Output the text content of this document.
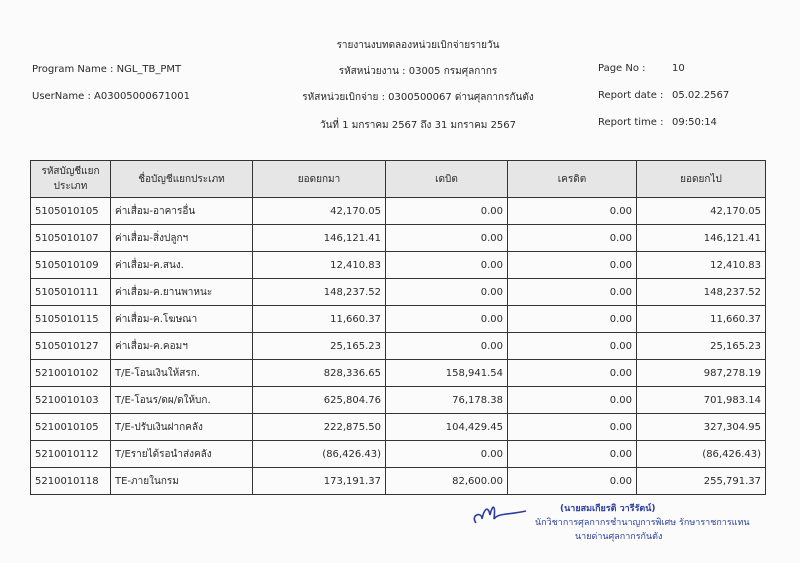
รายงานงบทดลองหน่วยเบิกจ่ายรายวัน
Program Name : NGL_TB_PMT
UserName : A03005000671001
รหัสหน่วยงาน : 03005 กรมศุลกากร
รหัสหน่วยเบิกจ่าย : 0300500067 ด่านศุลกากรกันตัง
วันที่ 1 มกราคม 2567 ถึง 31 มกราคม 2567
Page No :	10
Report date : 05.02.2567
Report time : 09:50:14
รหัสบัญชีแยกประเภท	ชื่อบัญชีแยกประเภท	ยอดยกมา	เดบิต	เครดิต	ยอดยกไป
5105010105	ค่าเสื่อม-อาคารอื่น	42,170.05	0.00	0.00	42,170.05
5105010107	ค่าเสื่อม-สิ่งปลูกฯ	146,121.41	0.00	0.00	146,121.41
5105010109	ค่าเสื่อม-ค.สนง.	12,410.83	0.00	0.00	12,410.83
5105010111	ค่าเสื่อม-ค.ยานพาหนะ	148,237.52	0.00	0.00	148,237.52
5105010115	ค่าเสื่อม-ค.โฆษณา	11,660.37	0.00	0.00	11,660.37
5105010127	ค่าเสื่อม-ค.คอมฯ	25,165.23	0.00	0.00	25,165.23
5210010102	T/E-โอนเงินให้สรก.	828,336.65	158,941.54	0.00	987,278.19
5210010103	T/E-โอนร/ดผ/ดให้บก.	625,804.76	76,178.38	0.00	701,983.14
5210010105	T/E-ปรับเงินฝากคลัง	222,875.50	104,429.45	0.00	327,304.95
5210010112	T/Eรายได้รอนำส่งคลัง	(86,426.43)	0.00	0.00	(86,426.43)
5210010118	TE-ภายในกรม	173,191.37	82,600.00	0.00	255,791.37
(นายสมเกียรติ วารีรัตน์)
นักวิชาการศุลกากรชำนาญการพิเศษ รักษาราชการแทน
นายด่านศุลกากรกันตัง
